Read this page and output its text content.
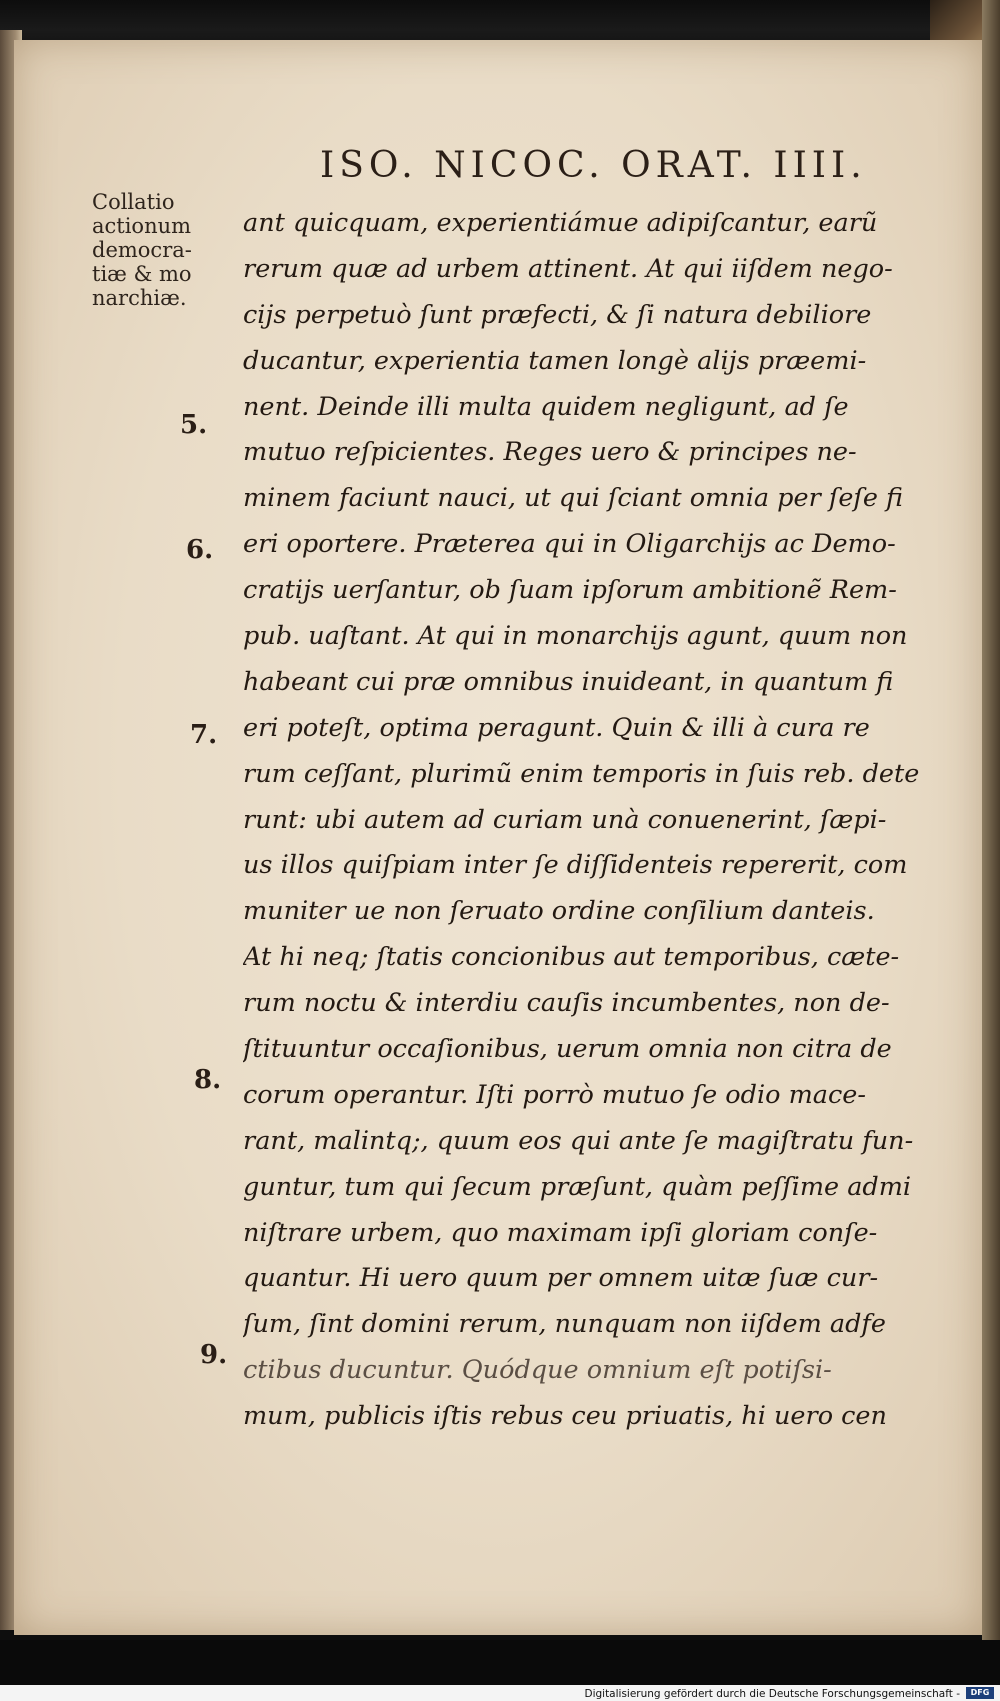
ISO. NICOC. ORAT. IIII.
Collatio
actionum
democra-
tiæ & mo
narchiæ.
5.
6.
7.
8.
9.
ant quicquam, experientiámue adipiſcantur, earũ
rerum quæ ad urbem attinent. At qui iiſdem nego-
cijs perpetuò ſunt præfecti, & ſi natura debiliore
ducantur, experientia tamen longè alijs præemi-
nent. Deinde illi multa quidem negligunt, ad ſe
mutuo reſpicientes. Reges uero & principes ne-
minem faciunt nauci, ut qui ſciant omnia per ſeſe fi
eri oportere. Præterea qui in Oligarchijs ac Demo-
cratijs uerſantur, ob ſuam ipſorum ambitionẽ Rem-
pub. uaſtant. At qui in monarchijs agunt, quum non
habeant cui præ omnibus inuideant, in quantum fi
eri poteſt, optima peragunt. Quin & illi à cura re
rum ceſſant, plurimũ enim temporis in ſuis reb. dete
runt: ubi autem ad curiam unà conuenerint, ſæpi-
us illos quiſpiam inter ſe diſſidenteis repererit, com
muniter ue non ſeruato ordine conſilium danteis.
At hi neq; ſtatis concionibus aut temporibus, cæte-
rum noctu & interdiu cauſis incumbentes, non de-
ſtituuntur occaſionibus, uerum omnia non citra de
corum operantur. Iſti porrò mutuo ſe odio mace-
rant, malintq;, quum eos qui ante ſe magiſtratu fun-
guntur, tum qui ſecum præſunt, quàm peſſime admi
niſtrare urbem, quo maximam ipſi gloriam conſe-
quantur. Hi uero quum per omnem uitæ ſuæ cur-
ſum, ſint domini rerum, nunquam non iiſdem adfe
ctibus ducuntur. Quódque omnium eſt potiſsi-
mum, publicis iſtis rebus ceu priuatis, hi uero cen
Digitalisierung gefördert durch die Deutsche Forschungsgemeinschaft -	DFG
